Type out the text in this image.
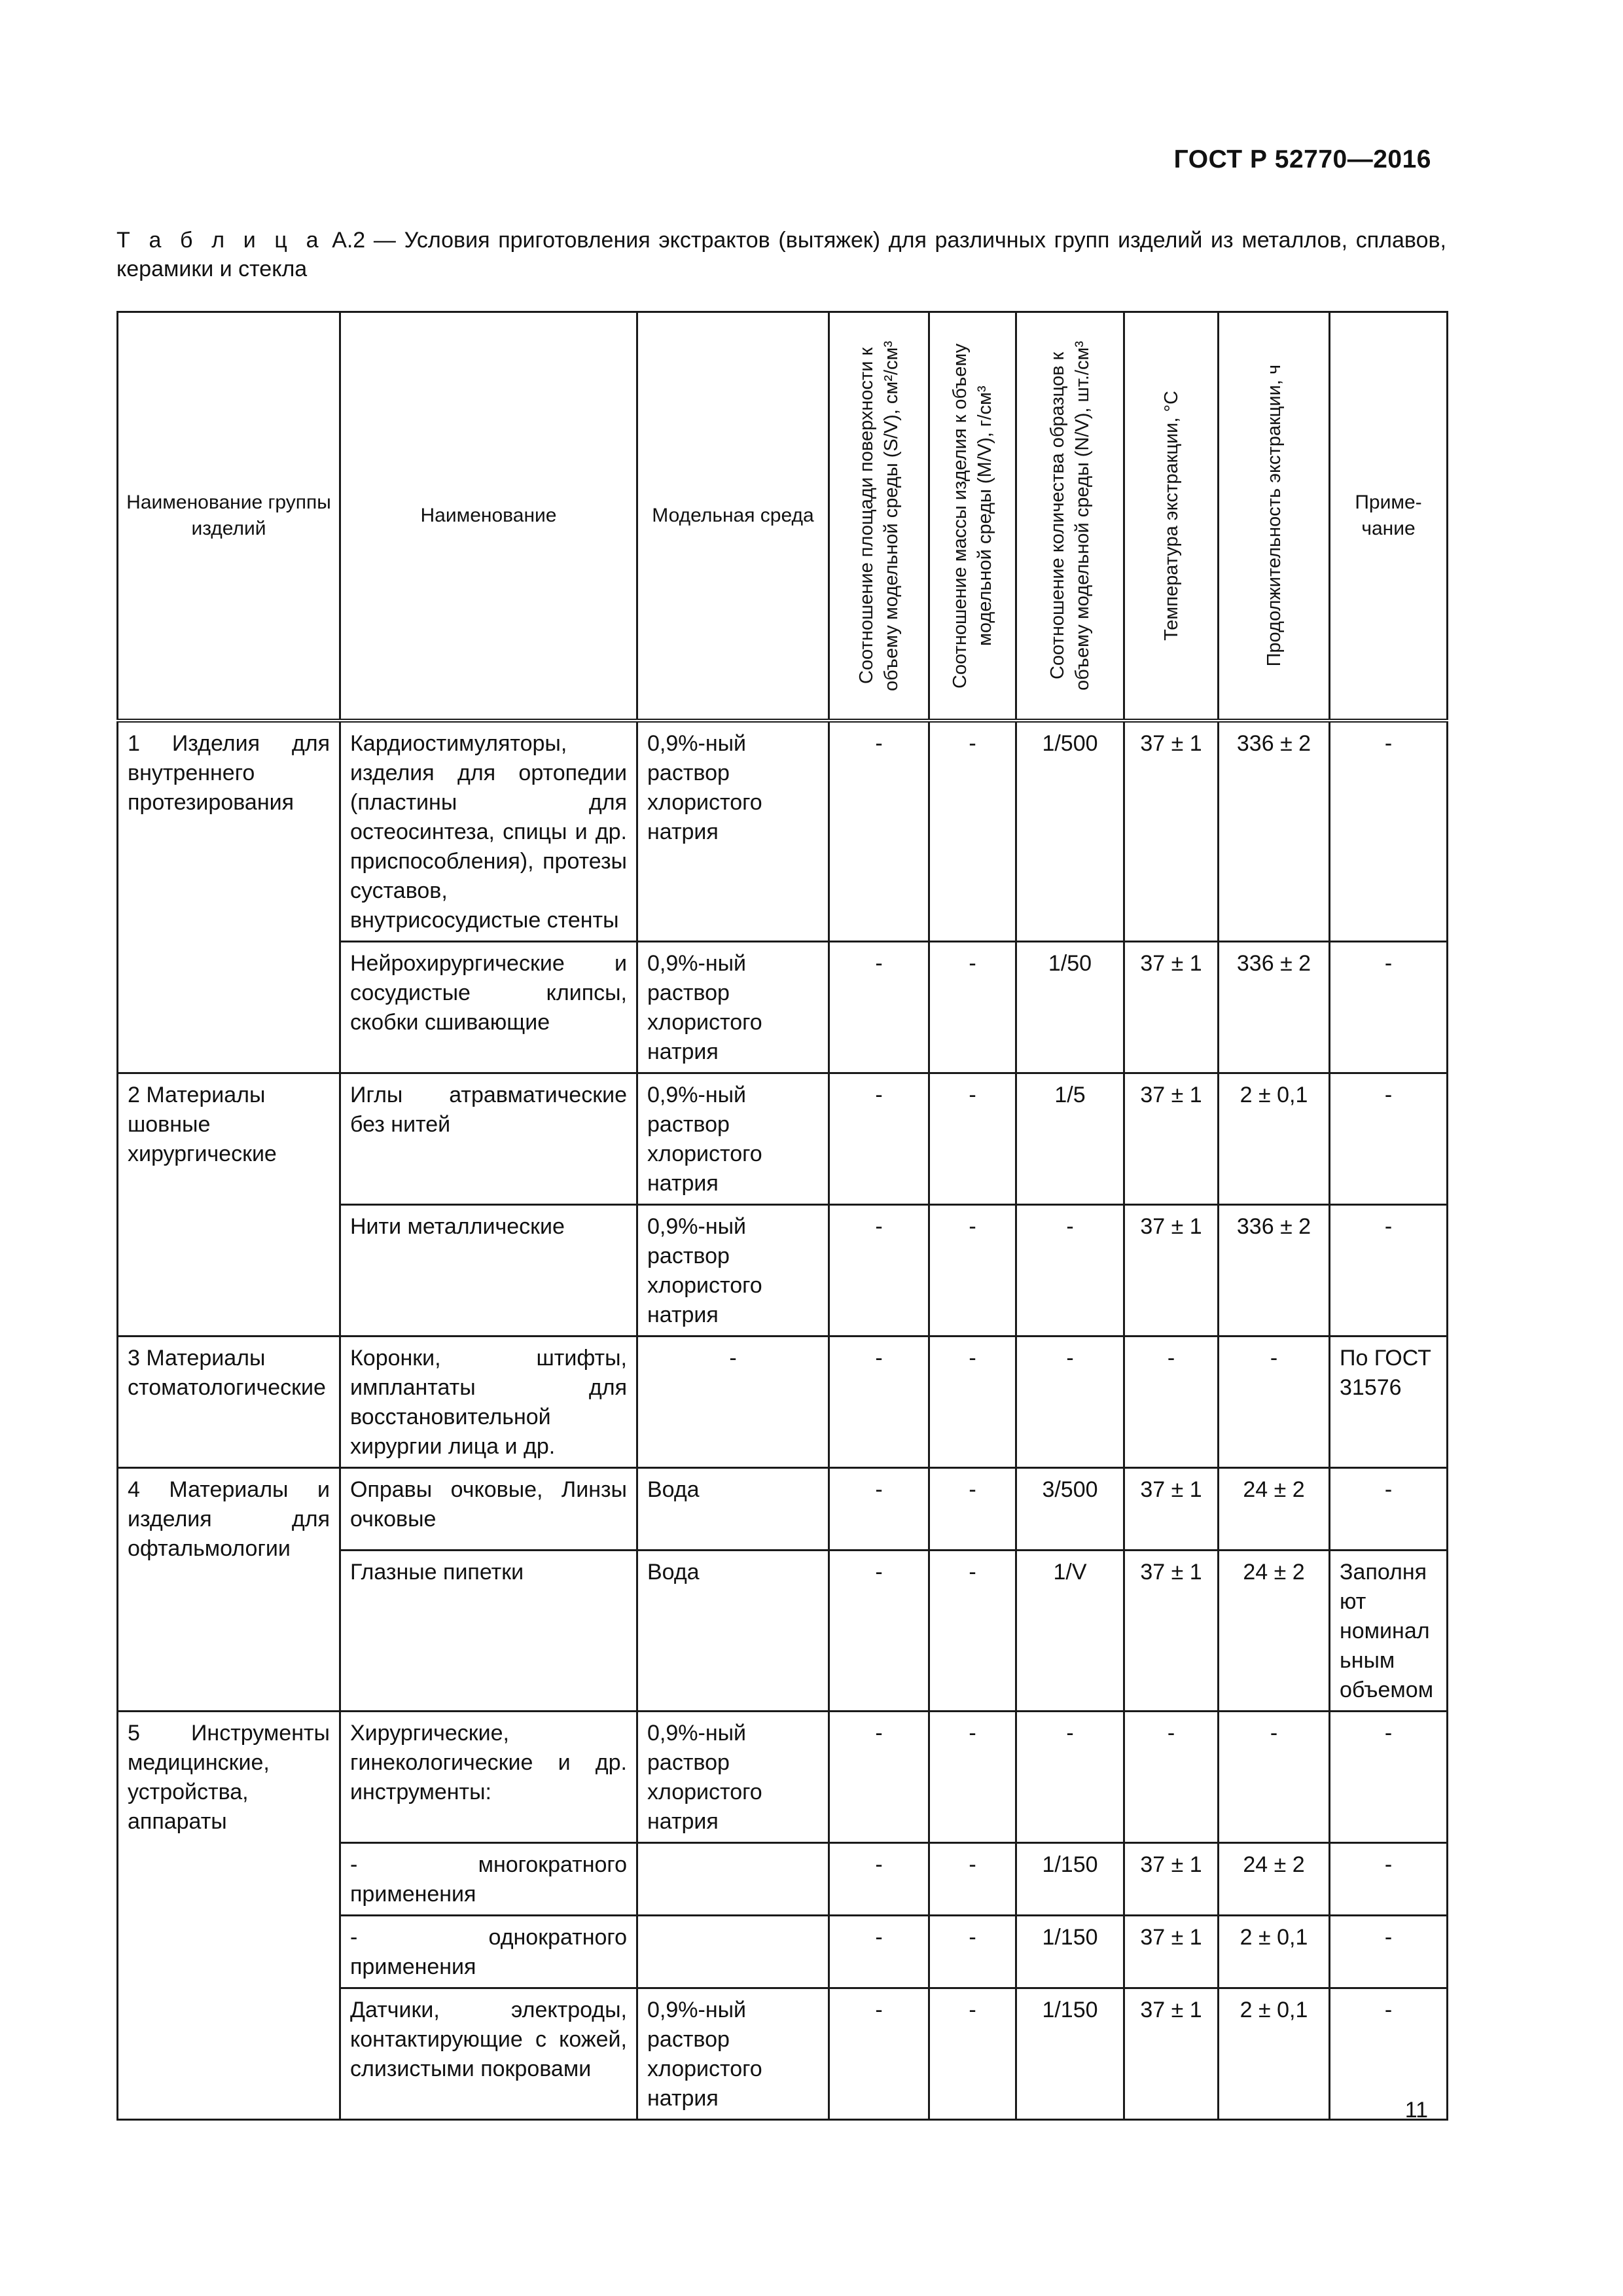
ГОСТ Р 52770—2016
Т а б л и ц а А.2 — Условия приготовления экстрактов (вытяжек) для различных групп изделий из металлов, сплавов, керамики и стекла
Наименование группы изделий	Наименование	Модельная среда	Соотношение площади поверхности к объему модельной среды (S/V), см²/см³	Соотношение массы изделия к объему модельной среды (M/V), г/см³	Соотношение количества образцов к объему модельной среды (N/V), шт./см³	Температура экстракции, °С	Продолжительность экстракции, ч	Приме-чание
1 Изделия для внутреннего протезирования	Кардиостимуляторы, изделия для ортопедии (пластины для остеосинтеза, спицы и др. приспособления), протезы суставов, внутрисосудистые стенты	0,9%-ный раствор хлористого натрия	-	-	1/500	37 ± 1	336 ± 2	-
	Нейрохирургические и сосудистые клипсы, скобки сшивающие	0,9%-ный раствор хлористого натрия	-	-	1/50	37 ± 1	336 ± 2	-
2 Материалы шовные хирургические	Иглы атравматические без нитей	0,9%-ный раствор хлористого натрия	-	-	1/5	37 ± 1	2 ± 0,1	-
	Нити металлические	0,9%-ный раствор хлористого натрия	-	-	-	37 ± 1	336 ± 2	-
3 Материалы стоматологические	Коронки, штифты, имплантаты для восстановительной хирургии лица и др.	-	-	-	-	-	-	По ГОСТ 31576
4 Материалы и изделия для офтальмологии	Оправы очковые, Линзы очковые	Вода	-	-	3/500	37 ± 1	24 ± 2	-
	Глазные пипетки	Вода	-	-	1/V	37 ± 1	24 ± 2	Заполняют номинальным объемом
5 Инструменты медицинские, устройства, аппараты	Хирургические, гинекологические и др. инструменты:	0,9%-ный раствор хлористого натрия	-	-	-	-	-	-
	- многократного применения		-	-	1/150	37 ± 1	24 ± 2	-
	- однократного применения		-	-	1/150	37 ± 1	2 ± 0,1	-
	Датчики, электроды, контактирующие с кожей, слизистыми покровами	0,9%-ный раствор хлористого натрия	-	-	1/150	37 ± 1	2 ± 0,1	-
11
